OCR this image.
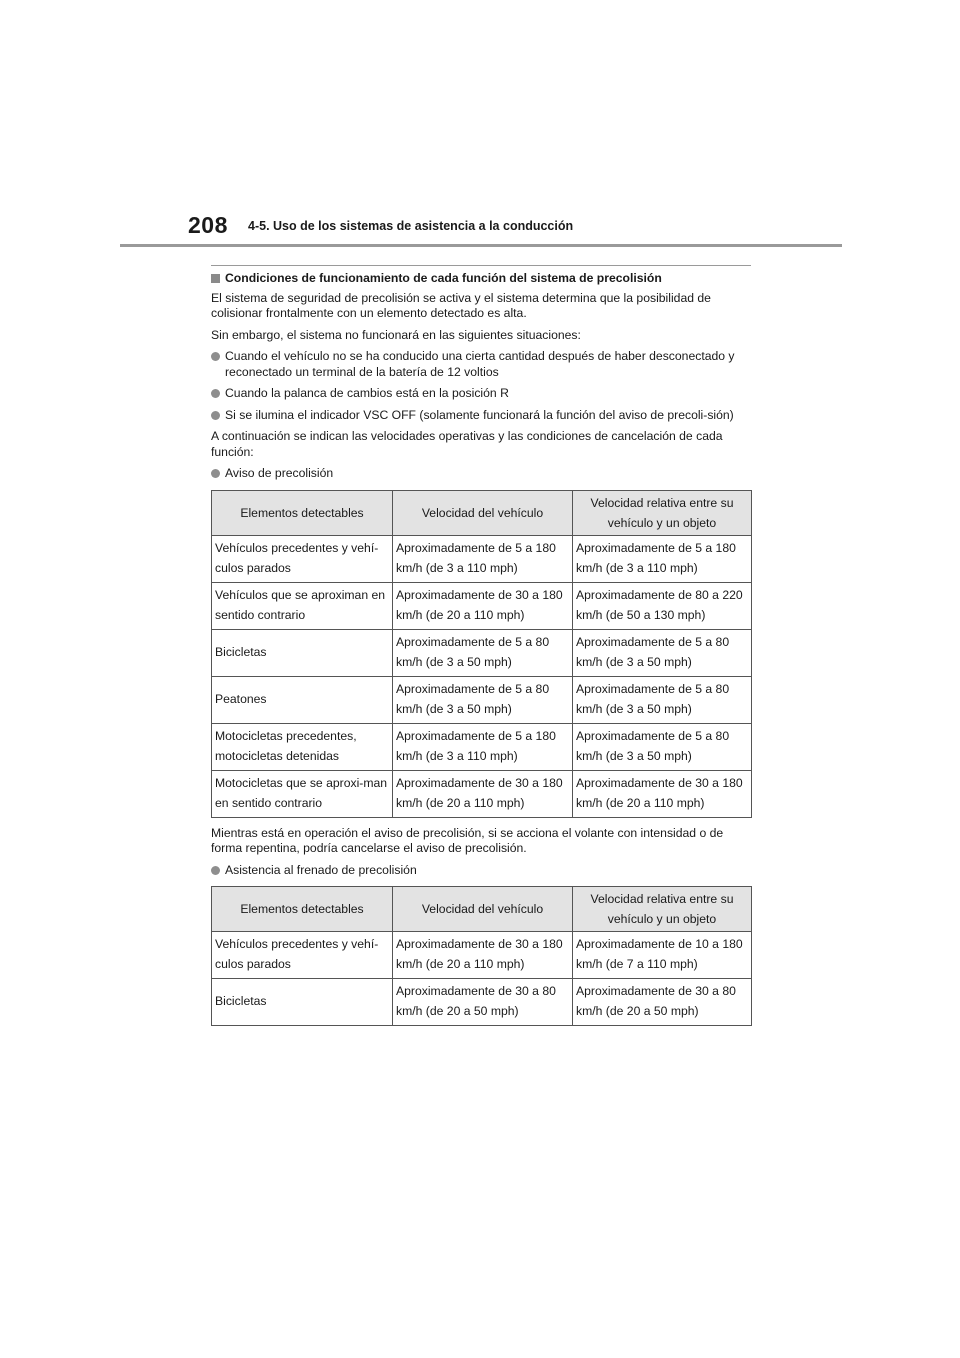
208 4-5. Uso de los sistemas de asistencia a la conducción
Condiciones de funcionamiento de cada función del sistema de precolisión

El sistema de seguridad de precolisión se activa y el sistema determina que la posibilidad de colisionar frontalmente con un elemento detectado es alta.

Sin embargo, el sistema no funcionará en las siguientes situaciones:

Cuando el vehículo no se ha conducido una cierta cantidad después de haber desconectado y reconectado un terminal de la batería de 12 voltios
Cuando la palanca de cambios está en la posición R
Si se ilumina el indicador VSC OFF (solamente funcionará la función del aviso de precoli-sión)

A continuación se indican las velocidades operativas y las condiciones de cancelación de cada función:

Aviso de precolisión
Elementos detectables	Velocidad del vehículo	Velocidad relativa entre su vehículo y un objeto
Vehículos precedentes y vehí-culos parados	Aproximadamente de 5 a 180 km/h (de 3 a 110 mph)	Aproximadamente de 5 a 180 km/h (de 3 a 110 mph)
Vehículos que se aproximan en sentido contrario	Aproximadamente de 30 a 180 km/h (de 20 a 110 mph)	Aproximadamente de 80 a 220 km/h (de 50 a 130 mph)
Bicicletas	Aproximadamente de 5 a 80 km/h (de 3 a 50 mph)	Aproximadamente de 5 a 80 km/h (de 3 a 50 mph)
Peatones	Aproximadamente de 5 a 80 km/h (de 3 a 50 mph)	Aproximadamente de 5 a 80 km/h (de 3 a 50 mph)
Motocicletas precedentes, motocicletas detenidas	Aproximadamente de 5 a 180 km/h (de 3 a 110 mph)	Aproximadamente de 5 a 80 km/h (de 3 a 50 mph)
Motocicletas que se aproxi-man en sentido contrario	Aproximadamente de 30 a 180 km/h (de 20 a 110 mph)	Aproximadamente de 30 a 180 km/h (de 20 a 110 mph)

Mientras está en operación el aviso de precolisión, si se acciona el volante con intensidad o de forma repentina, podría cancelarse el aviso de precolisión.

Asistencia al frenado de precolisión
Elementos detectables	Velocidad del vehículo	Velocidad relativa entre su vehículo y un objeto
Vehículos precedentes y vehí-culos parados	Aproximadamente de 30 a 180 km/h (de 20 a 110 mph)	Aproximadamente de 10 a 180 km/h (de 7 a 110 mph)
Bicicletas	Aproximadamente de 30 a 80 km/h (de 20 a 50 mph)	Aproximadamente de 30 a 80 km/h (de 20 a 50 mph)
